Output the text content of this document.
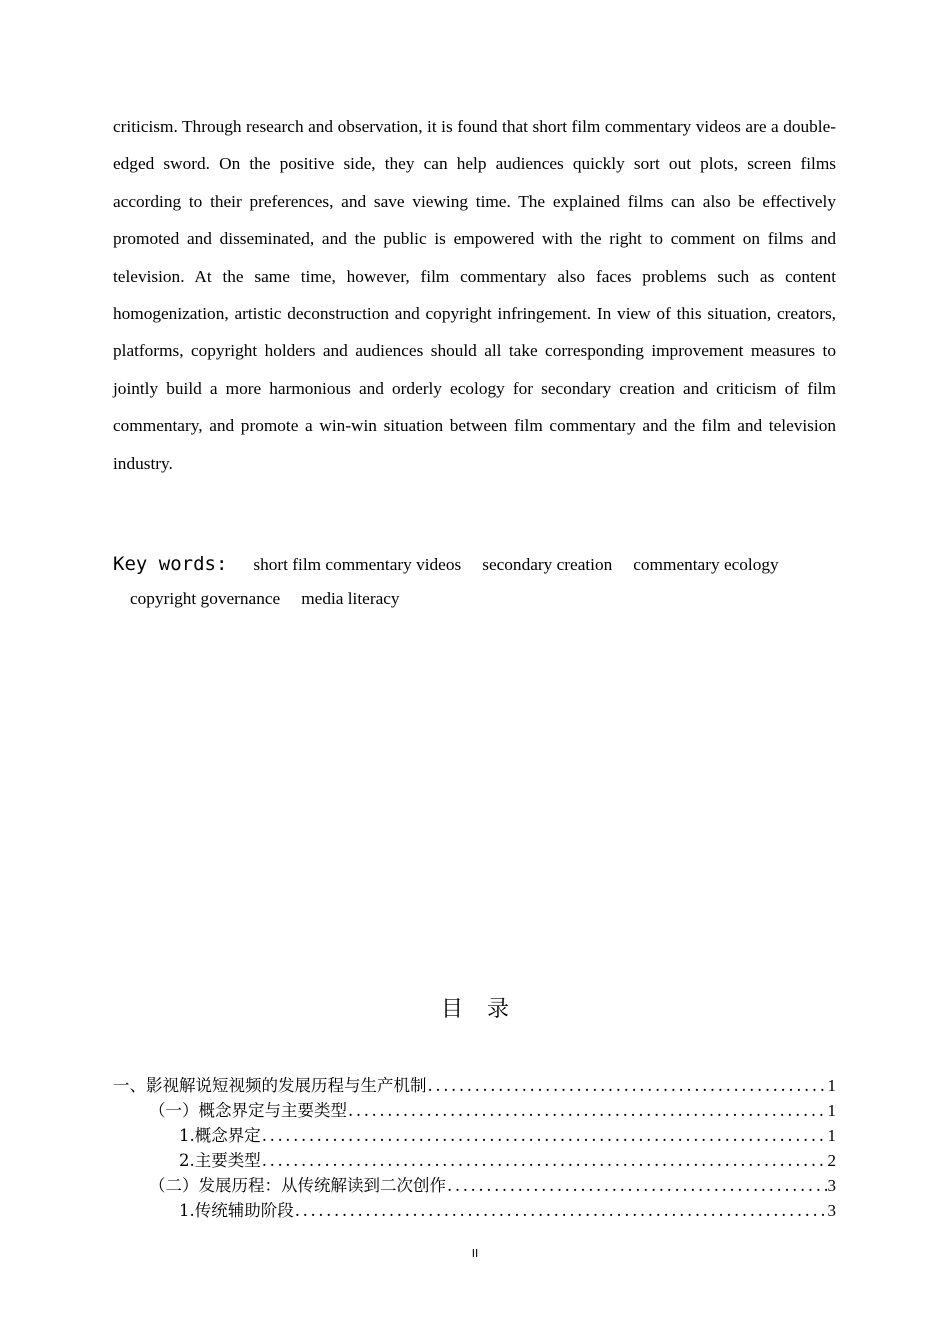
criticism. Through research and observation, it is found that short film commentary videos are a double-edged sword. On the positive side, they can help audiences quickly sort out plots, screen films according to their preferences, and save viewing time. The explained films can also be effectively promoted and disseminated, and the public is empowered with the right to comment on films and television. At the same time, however, film commentary also faces problems such as content homogenization, artistic deconstruction and copyright infringement. In view of this situation, creators, platforms, copyright holders and audiences should all take corresponding improvement measures to jointly build a more harmonious and orderly ecology for secondary creation and criticism of film commentary, and promote a win-win situation between film commentary and the film and television industry.

Key words: short film commentary videos secondary creation commentary ecology
copyright governance media literacy

目录
一、影视解说短视频的发展历程与生产机制 .....	1
（一）概念界定与主要类型 .....	1
1.概念界定 .....	1
2.主要类型 .....	2
（二）发展历程：从传统解读到二次创作 .....	3
1.传统辅助阶段 .....	3

II
